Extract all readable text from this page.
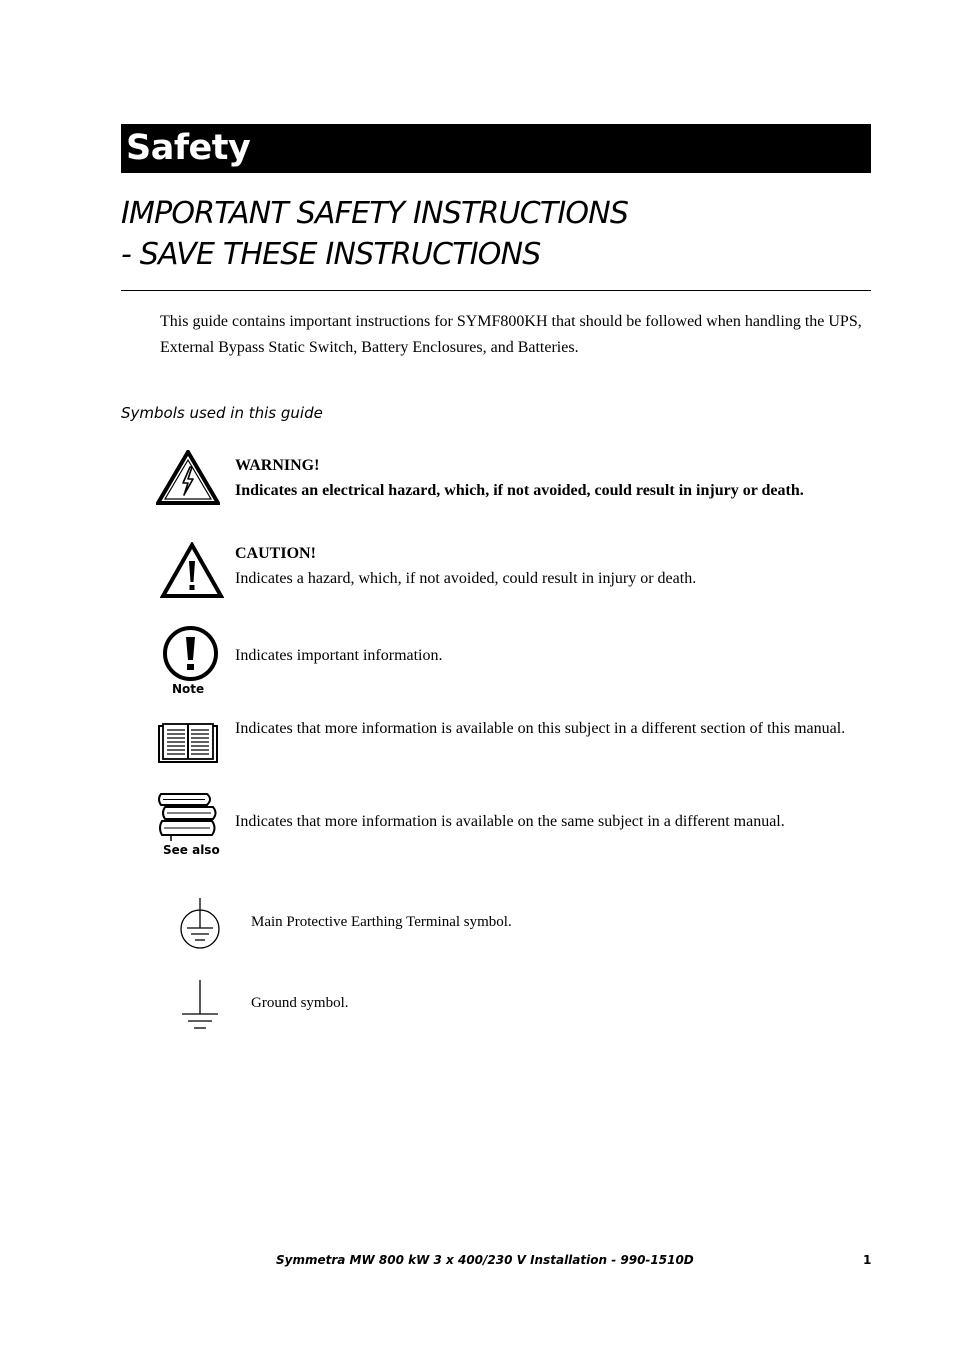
Safety
IMPORTANT SAFETY INSTRUCTIONS
- SAVE THESE INSTRUCTIONS

This guide contains important instructions for SYMF800KH that should be followed when handling the UPS, External Bypass Static Switch, Battery Enclosures, and Batteries.

Symbols used in this guide
WARNING!
Indicates an electrical hazard, which, if not avoided, could result in injury or death.
CAUTION!
Indicates a hazard, which, if not avoided, could result in injury or death.
Note
Indicates important information.
Indicates that more information is available on this subject in a different section of this manual.
See also
Indicates that more information is available on the same subject in a different manual.
Main Protective Earthing Terminal symbol.
Ground symbol.
Symmetra MW 800 kW 3 x 400/230 V Installation - 990-1510D	1
